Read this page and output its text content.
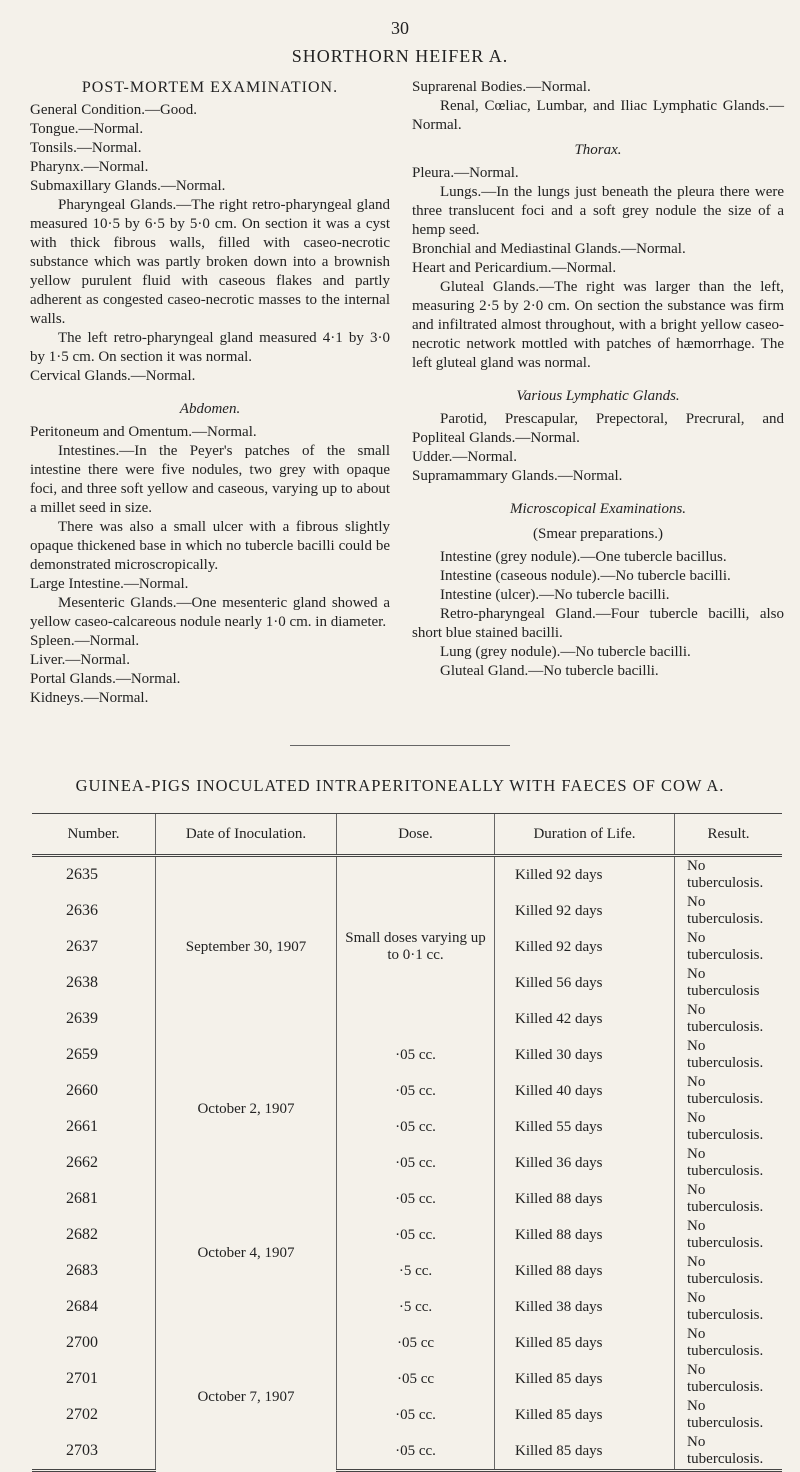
30
SHORTHORN HEIFER A.
POST-MORTEM EXAMINATION.

General Condition.—Good.

Tongue.—Normal.

Tonsils.—Normal.

Pharynx.—Normal.

Submaxillary Glands.—Normal.

Pharyngeal Glands.—The right retro-pharyngeal gland measured 10·5 by 6·5 by 5·0 cm. On section it was a cyst with thick fibrous walls, filled with caseo-necrotic substance which was partly broken down into a brownish yellow purulent fluid with caseous flakes and partly adherent as congested caseo-necrotic masses to the internal walls.

The left retro-pharyngeal gland measured 4·1 by 3·0 by 1·5 cm. On section it was normal.

Cervical Glands.—Normal.

Abdomen.

Peritoneum and Omentum.—Normal.

Intestines.—In the Peyer's patches of the small intestine there were five nodules, two grey with opaque foci, and three soft yellow and caseous, varying up to about a millet seed in size.

There was also a small ulcer with a fibrous slightly opaque thickened base in which no tubercle bacilli could be demonstrated microscropically.

Large Intestine.—Normal.

Mesenteric Glands.—One mesenteric gland showed a yellow caseo-calcareous nodule nearly 1·0 cm. in diameter.

Spleen.—Normal.

Liver.—Normal.

Portal Glands.—Normal.

Kidneys.—Normal.

Suprarenal Bodies.—Normal.

Renal, Cœliac, Lumbar, and Iliac Lymphatic Glands.—Normal.

Thorax.

Pleura.—Normal.

Lungs.—In the lungs just beneath the pleura there were three translucent foci and a soft grey nodule the size of a hemp seed.

Bronchial and Mediastinal Glands.—Normal.

Heart and Pericardium.—Normal.

Gluteal Glands.—The right was larger than the left, measuring 2·5 by 2·0 cm. On section the substance was firm and infiltrated almost throughout, with a bright yellow caseo-necrotic network mottled with patches of hæmorrhage. The left gluteal gland was normal.

Various Lymphatic Glands.

Parotid, Prescapular, Prepectoral, Precrural, and Popliteal Glands.—Normal.

Udder.—Normal.

Supramammary Glands.—Normal.

Microscopical Examinations.
(Smear preparations.)

Intestine (grey nodule).—One tubercle bacillus.

Intestine (caseous nodule).—No tubercle bacilli.

Intestine (ulcer).—No tubercle bacilli.

Retro-pharyngeal Gland.—Four tubercle bacilli, also short blue stained bacilli.

Lung (grey nodule).—No tubercle bacilli.

Gluteal Gland.—No tubercle bacilli.

GUINEA-PIGS INOCULATED INTRAPERITONEALLY WITH FAECES OF COW A.
Number.	Date of Inoculation.	Dose.	Duration of Life.	Result.
2635	September 30, 1907	Small doses varying up to 0·1 cc.	Killed 92 days	No tuberculosis.
2636			Killed 92 days	No tuberculosis.
2637			Killed 92 days	No tuberculosis.
2638			Killed 56 days	No tuberculosis
2639			Killed 42 days	No tuberculosis.
2659	October 2, 1907	·05 cc.	Killed 30 days	No tuberculosis.
2660		·05 cc.	Killed 40 days	No tuberculosis.
2661		·05 cc.	Killed 55 days	No tuberculosis.
2662		·05 cc.	Killed 36 days	No tuberculosis.
2681	October 4, 1907	·05 cc.	Killed 88 days	No tuberculosis.
2682		·05 cc.	Killed 88 days	No tuberculosis.
2683		·5 cc.	Killed 88 days	No tuberculosis.
2684		·5 cc.	Killed 38 days	No tuberculosis.
2700	October 7, 1907	·05 cc	Killed 85 days	No tuberculosis.
2701		·05 cc	Killed 85 days	No tuberculosis.
2702		·05 cc.	Killed 85 days	No tuberculosis.
2703		·05 cc.	Killed 85 days	No tuberculosis.
